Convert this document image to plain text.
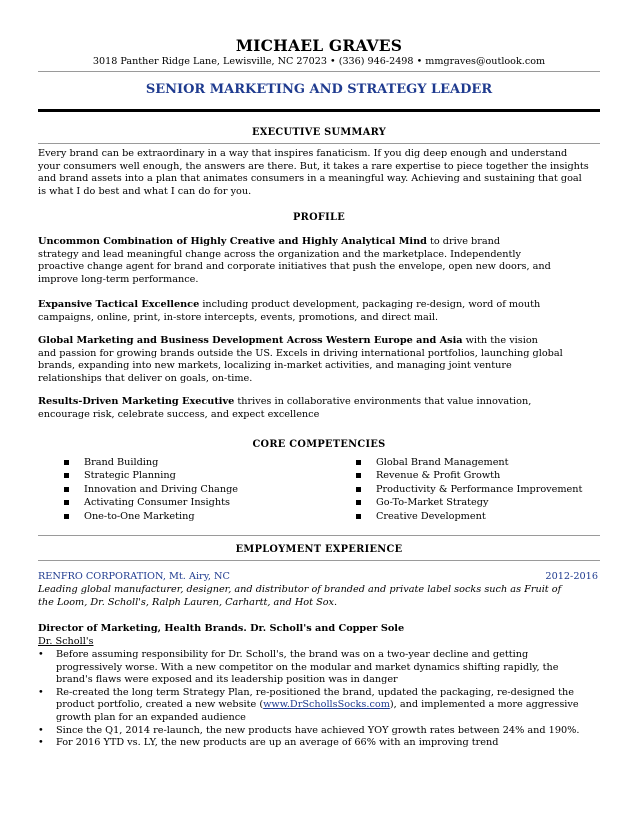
MICHAEL GRAVES
3018 Panther Ridge Lane, Lewisville, NC 27023 • (336) 946-2498 • mmgraves@outlook.com
SENIOR MARKETING AND STRATEGY LEADER
EXECUTIVE SUMMARY
Every brand can be extraordinary in a way that inspires fanaticism. If you dig deep enough and understand
your consumers well enough, the answers are there. But, it takes a rare expertise to piece together the insights
and brand assets into a plan that animates consumers in a meaningful way. Achieving and sustaining that goal
is what I do best and what I can do for you.
PROFILE
Uncommon Combination of Highly Creative and Highly Analytical Mind to drive brand
strategy and lead meaningful change across the organization and the marketplace. Independently
proactive change agent for brand and corporate initiatives that push the envelope, open new doors, and
improve long-term performance.
Expansive Tactical Excellence including product development, packaging re-design, word of mouth
campaigns, online, print, in-store intercepts, events, promotions, and direct mail.
Global Marketing and Business Development Across Western Europe and Asia with the vision
and passion for growing brands outside the US. Excels in driving international portfolios, launching global
brands, expanding into new markets, localizing in-market activities, and managing joint venture
relationships that deliver on goals, on-time.
Results-Driven Marketing Executive thrives in collaborative environments that value innovation,
encourage risk, celebrate success, and expect excellence
CORE COMPETENCIES
Brand Building
Strategic Planning
Innovation and Driving Change
Activating Consumer Insights
One-to-One Marketing
Global Brand Management
Revenue & Profit Growth
Productivity & Performance Improvement
Go-To-Market Strategy
Creative Development
EMPLOYMENT EXPERIENCE
RENFRO CORPORATION, Mt. Airy, NC	2012-2016
Leading global manufacturer, designer, and distributor of branded and private label socks such as Fruit of
the Loom, Dr. Scholl's, Ralph Lauren, Carhartt, and Hot Sox.
Director of Marketing, Health Brands. Dr. Scholl's and Copper Sole
Dr. Scholl's
• Before assuming responsibility for Dr. Scholl's, the brand was on a two-year decline and getting
progressively worse. With a new competitor on the modular and market dynamics shifting rapidly, the
brand's flaws were exposed and its leadership position was in danger
• Re-created the long term Strategy Plan, re-positioned the brand, updated the packaging, re-designed the
product portfolio, created a new website (www.DrSchollsSocks.com), and implemented a more aggressive
growth plan for an expanded audience
• Since the Q1, 2014 re-launch, the new products have achieved YOY growth rates between 24% and 190%.
• For 2016 YTD vs. LY, the new products are up an average of 66% with an improving trend
